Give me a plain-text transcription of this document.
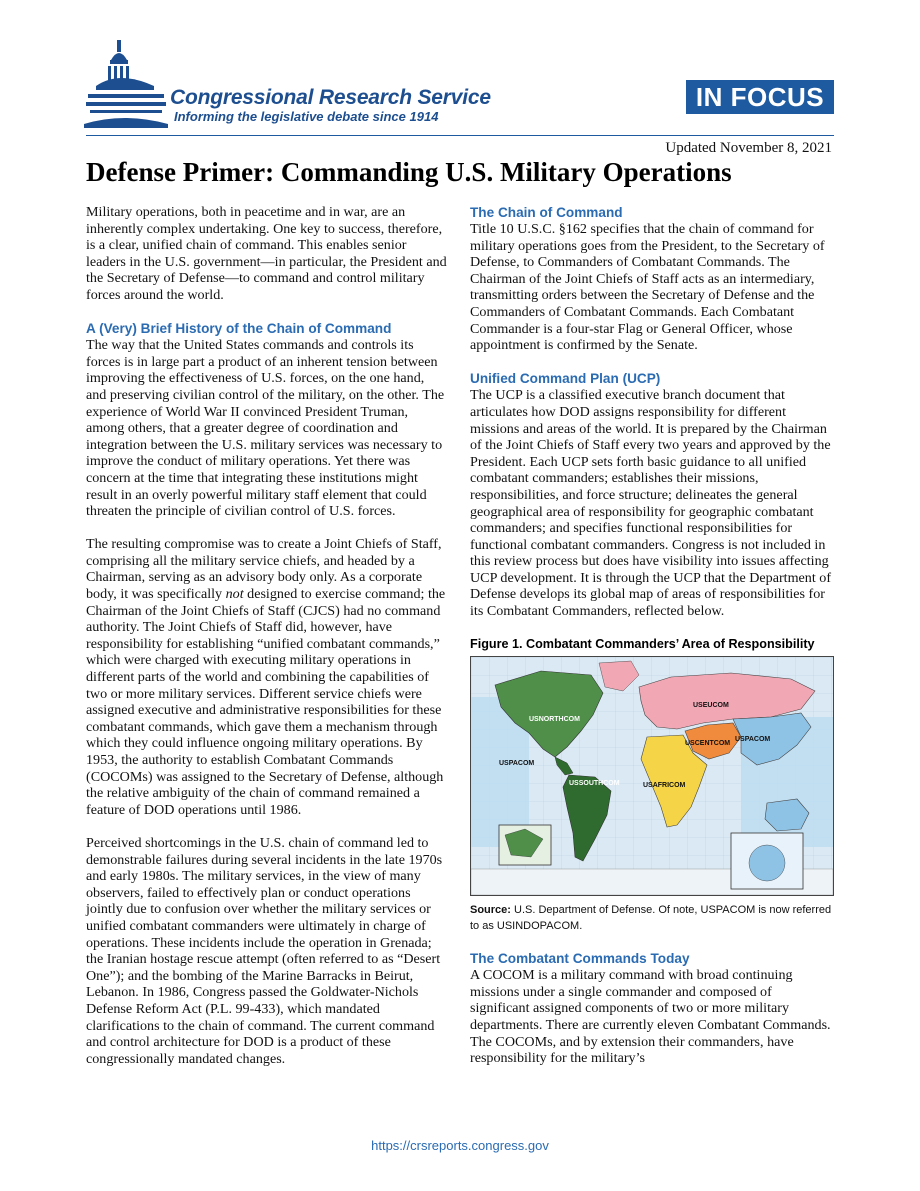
Congressional Research Service
Informing the legislative debate since 1914
IN FOCUS
Updated November 8, 2021
Defense Primer: Commanding U.S. Military Operations

Military operations, both in peacetime and in war, are an inherently complex undertaking. One key to success, therefore, is a clear, unified chain of command. This enables senior leaders in the U.S. government—in particular, the President and the Secretary of Defense—to command and control military forces around the world.

A (Very) Brief History of the Chain of Command

The way that the United States commands and controls its forces is in large part a product of an inherent tension between improving the effectiveness of U.S. forces, on the one hand, and preserving civilian control of the military, on the other. The experience of World War II convinced President Truman, among others, that a greater degree of coordination and integration between the U.S. military services was necessary to improve the conduct of military operations. Yet there was concern at the time that integrating these institutions might result in an overly powerful military staff element that could threaten the principle of civilian control of U.S. forces.

The resulting compromise was to create a Joint Chiefs of Staff, comprising all the military service chiefs, and headed by a Chairman, serving as an advisory body only. As a corporate body, it was specifically not designed to exercise command; the Chairman of the Joint Chiefs of Staff (CJCS) had no command authority. The Joint Chiefs of Staff did, however, have responsibility for establishing “unified combatant commands,” which were charged with executing military operations in different parts of the world and combining the capabilities of two or more military services. Different service chiefs were assigned executive and administrative responsibilities for these combatant commands, which gave them a mechanism through which they could influence ongoing military operations. By 1953, the authority to establish Combatant Commands (COCOMs) was assigned to the Secretary of Defense, although the relative ambiguity of the chain of command remained a feature of DOD operations until 1986.

Perceived shortcomings in the U.S. chain of command led to demonstrable failures during several incidents in the late 1970s and early 1980s. The military services, in the view of many observers, failed to effectively plan or conduct operations jointly due to confusion over whether the military services or unified combatant commanders were ultimately in charge of operations. These incidents include the operation in Grenada; the Iranian hostage rescue attempt (often referred to as “Desert One”); and the bombing of the Marine Barracks in Beirut, Lebanon. In 1986, Congress passed the Goldwater-Nichols Defense Reform Act (P.L. 99-433), which mandated clarifications to the chain of command. The current command and control architecture for DOD is a product of these congressionally mandated changes.

The Chain of Command

Title 10 U.S.C. §162 specifies that the chain of command for military operations goes from the President, to the Secretary of Defense, to Commanders of Combatant Commands. The Chairman of the Joint Chiefs of Staff acts as an intermediary, transmitting orders between the Secretary of Defense and the Commanders of Combatant Commands. Each Combatant Commander is a four-star Flag or General Officer, whose appointment is confirmed by the Senate.

Unified Command Plan (UCP)

The UCP is a classified executive branch document that articulates how DOD assigns responsibility for different missions and areas of the world. It is prepared by the Chairman of the Joint Chiefs of Staff every two years and approved by the President. Each UCP sets forth basic guidance to all unified combatant commanders; establishes their missions, responsibilities, and force structure; delineates the general geographical area of responsibility for geographic combatant commanders; and specifies functional responsibilities for functional combatant commanders. Congress is not included in this review process but does have visibility into issues affecting UCP development. It is through the UCP that the Department of Defense develops its global map of areas of responsibilities for its Combatant Commanders, reflected below.

Figure 1. Combatant Commanders’ Area of Responsibility
USNORTHCOM
USEUCOM
USCENTCOM
USPACOM
USPACOM
USSOUTHCOM	USAFRICOM
Source: U.S. Department of Defense. Of note, USPACOM is now referred to as USINDOPACOM.
The Combatant Commands Today

A COCOM is a military command with broad continuing missions under a single commander and composed of significant assigned components of two or more military departments. There are currently eleven Combatant Commands. The COCOMs, and by extension their commanders, have responsibility for the military’s

https://crsreports.congress.gov
